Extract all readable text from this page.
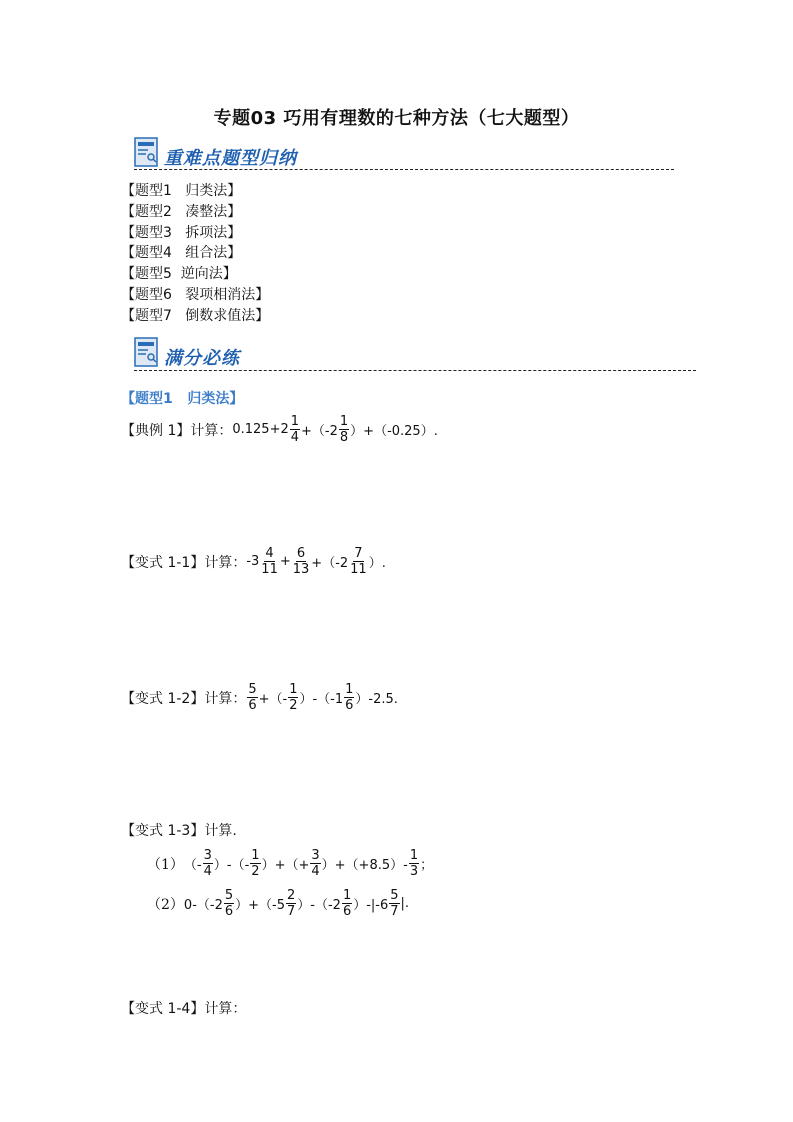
专题03 巧用有理数的七种方法（七大题型）
重难点题型归纳
【题型1   归类法】
【题型2   凑整法】
【题型3   拆项法】
【题型4   组合法】
【题型5  逆向法】
【题型6   裂项相消法】
【题型7   倒数求值法】
满分必练
【题型1   归类法】
【典例 1】计算： $0.125+2 \frac{1}{4} +(-2 \frac{1}{8} )+(-0.25)$.
【变式 1-1】计算： $-3 \frac{4}{11} + \frac{6}{13} +(-2 \frac{7}{11}$ ）.
【变式 1-2】计算： $\frac{5}{6}$ +（- $\frac{1}{2} )-(-1 \frac{1}{6} )-2.5$.
【变式 1-3】计算.
（1） （- $\frac{3}{4}$ ）-（- $\frac{1}{2}$ ）+（+ $\frac{3}{4} )+(+8.5)- \frac{1}{3}$ ；
（2） $0-(-2 \frac{5}{6} )+(-5 \frac{2}{7} )-(-2 \frac{1}{6} )-|-6 \frac{5}{7}$ |.
【变式 1-4】计算：
